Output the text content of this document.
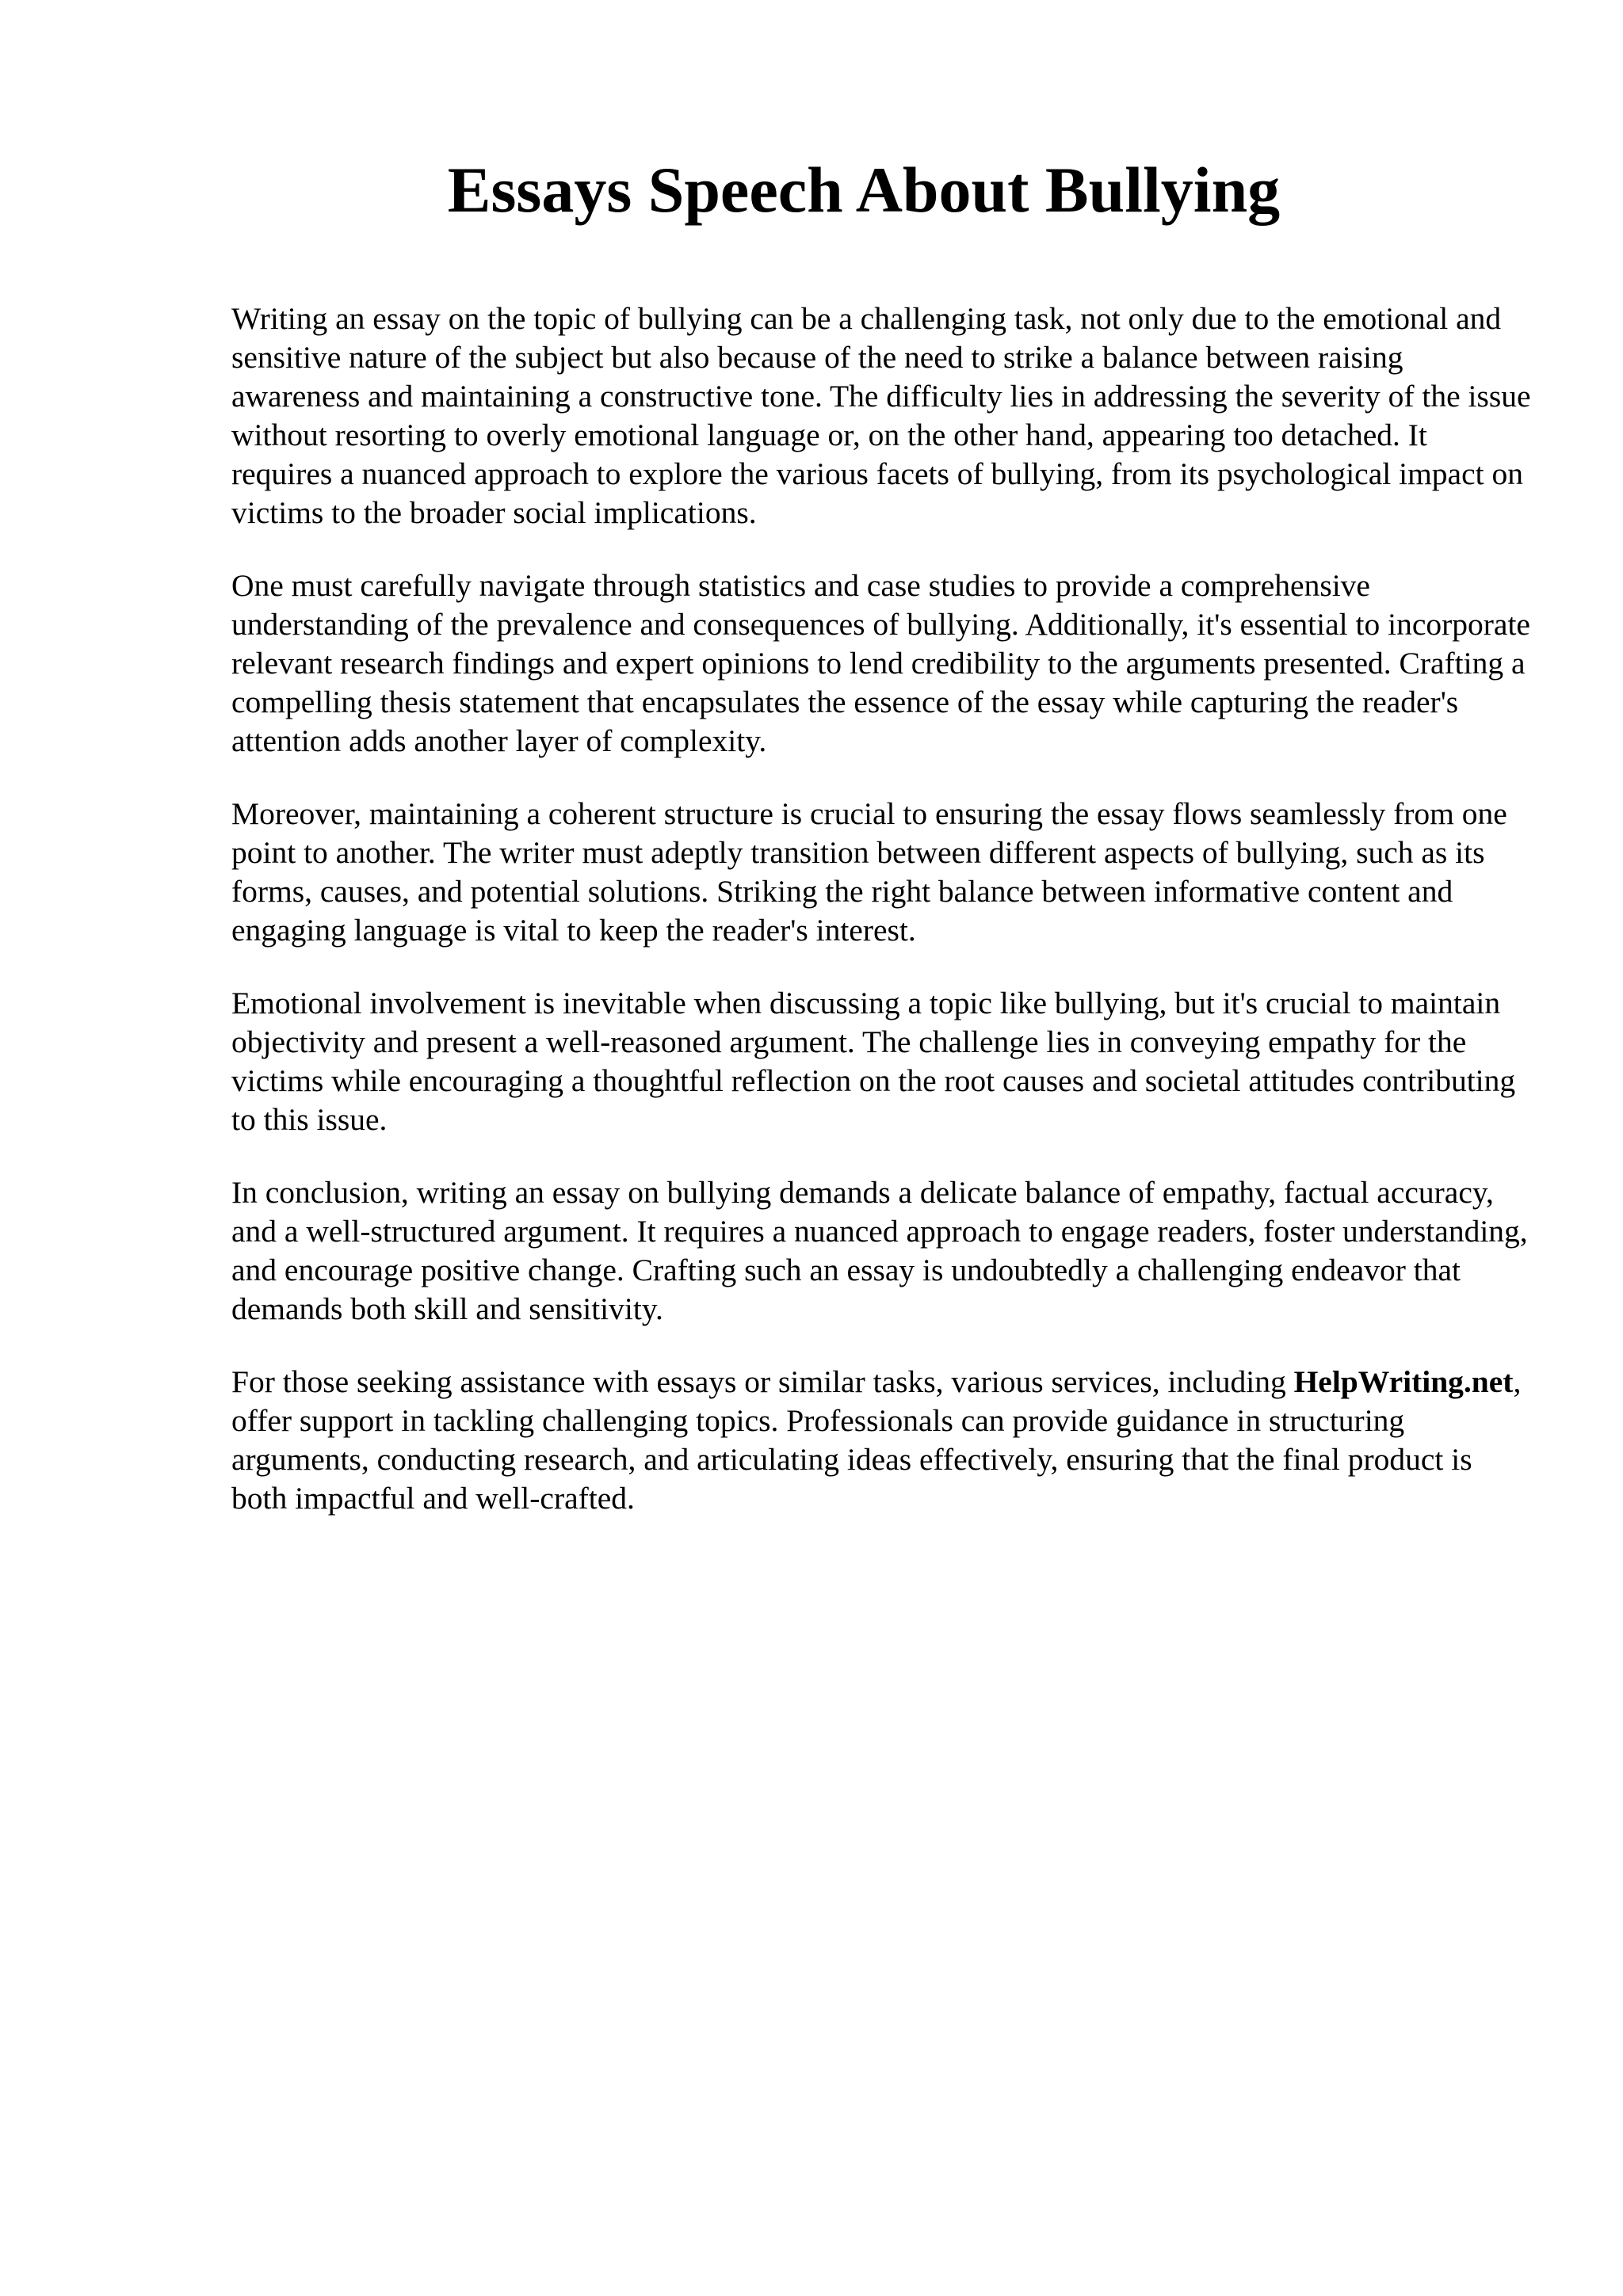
Essays Speech About Bullying

Writing an essay on the topic of bullying can be a challenging task, not only due to the emotional and sensitive nature of the subject but also because of the need to strike a balance between raising awareness and maintaining a constructive tone. The difficulty lies in addressing the severity of the issue without resorting to overly emotional language or, on the other hand, appearing too detached. It requires a nuanced approach to explore the various facets of bullying, from its psychological impact on victims to the broader social implications.

One must carefully navigate through statistics and case studies to provide a comprehensive understanding of the prevalence and consequences of bullying. Additionally, it's essential to incorporate relevant research findings and expert opinions to lend credibility to the arguments presented. Crafting a compelling thesis statement that encapsulates the essence of the essay while capturing the reader's attention adds another layer of complexity.

Moreover, maintaining a coherent structure is crucial to ensuring the essay flows seamlessly from one point to another. The writer must adeptly transition between different aspects of bullying, such as its forms, causes, and potential solutions. Striking the right balance between informative content and engaging language is vital to keep the reader's interest.

Emotional involvement is inevitable when discussing a topic like bullying, but it's crucial to maintain objectivity and present a well-reasoned argument. The challenge lies in conveying empathy for the victims while encouraging a thoughtful reflection on the root causes and societal attitudes contributing to this issue.

In conclusion, writing an essay on bullying demands a delicate balance of empathy, factual accuracy, and a well-structured argument. It requires a nuanced approach to engage readers, foster understanding, and encourage positive change. Crafting such an essay is undoubtedly a challenging endeavor that demands both skill and sensitivity.

For those seeking assistance with essays or similar tasks, various services, including HelpWriting.net, offer support in tackling challenging topics. Professionals can provide guidance in structuring arguments, conducting research, and articulating ideas effectively, ensuring that the final product is both impactful and well-crafted.
